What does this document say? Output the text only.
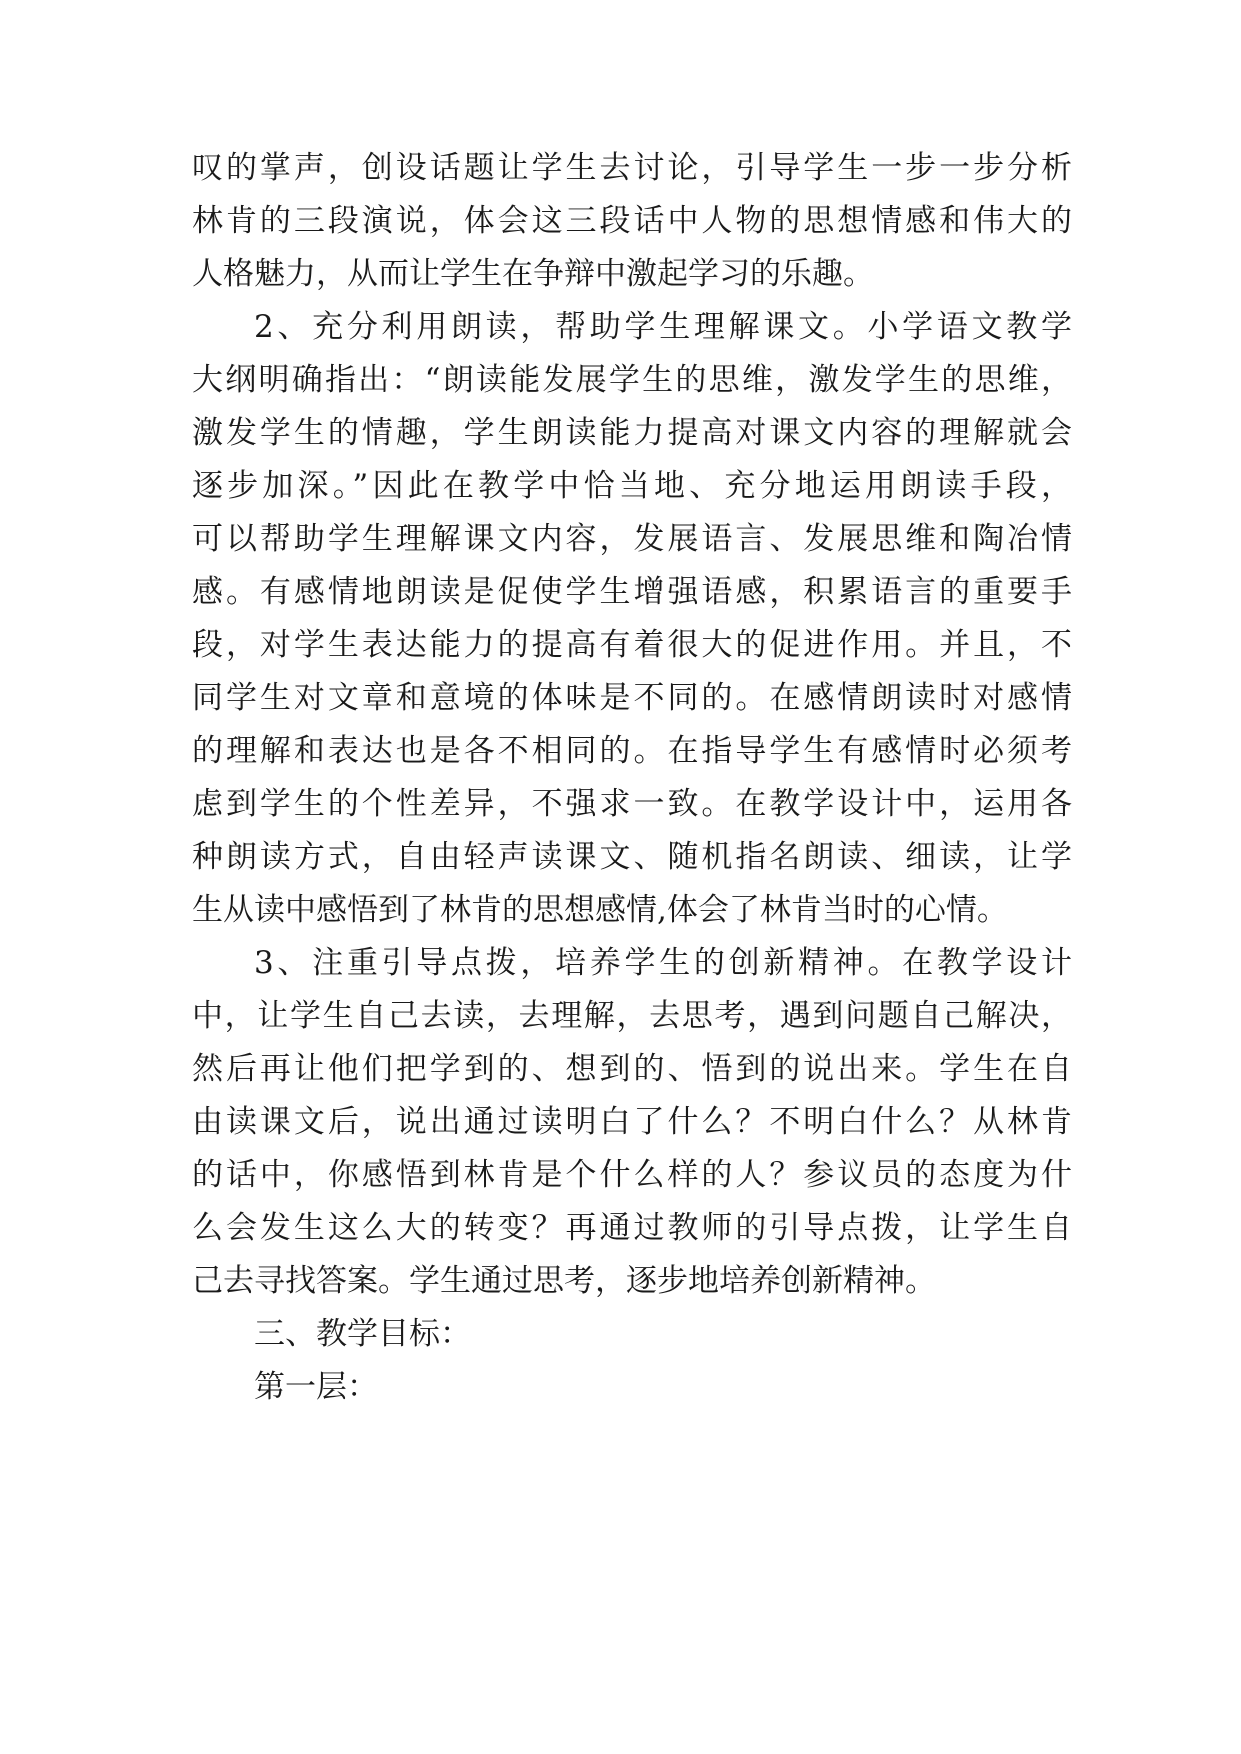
叹的掌声，创设话题让学生去讨论，引导学生一步一步分析
林肯的三段演说，体会这三段话中人物的思想情感和伟大的
人格魅力，从而让学生在争辩中激起学习的乐趣。
2、充分利用朗读，帮助学生理解课文。小学语文教学
大纲明确指出：“朗读能发展学生的思维，激发学生的思维，
激发学生的情趣，学生朗读能力提高对课文内容的理解就会
逐步加深。”因此在教学中恰当地、充分地运用朗读手段，
可以帮助学生理解课文内容，发展语言、发展思维和陶冶情
感。有感情地朗读是促使学生增强语感，积累语言的重要手
段，对学生表达能力的提高有着很大的促进作用。并且，不
同学生对文章和意境的体味是不同的。在感情朗读时对感情
的理解和表达也是各不相同的。在指导学生有感情时必须考
虑到学生的个性差异，不强求一致。在教学设计中，运用各
种朗读方式，自由轻声读课文、随机指名朗读、细读，让学
生从读中感悟到了林肯的思想感情,体会了林肯当时的心情。
3、注重引导点拨，培养学生的创新精神。在教学设计
中，让学生自己去读，去理解，去思考，遇到问题自己解决，
然后再让他们把学到的、想到的、悟到的说出来。学生在自
由读课文后，说出通过读明白了什么？不明白什么？从林肯
的话中，你感悟到林肯是个什么样的人？参议员的态度为什
么会发生这么大的转变？再通过教师的引导点拨，让学生自
己去寻找答案。学生通过思考，逐步地培养创新精神。
三、教学目标：
第一层：
